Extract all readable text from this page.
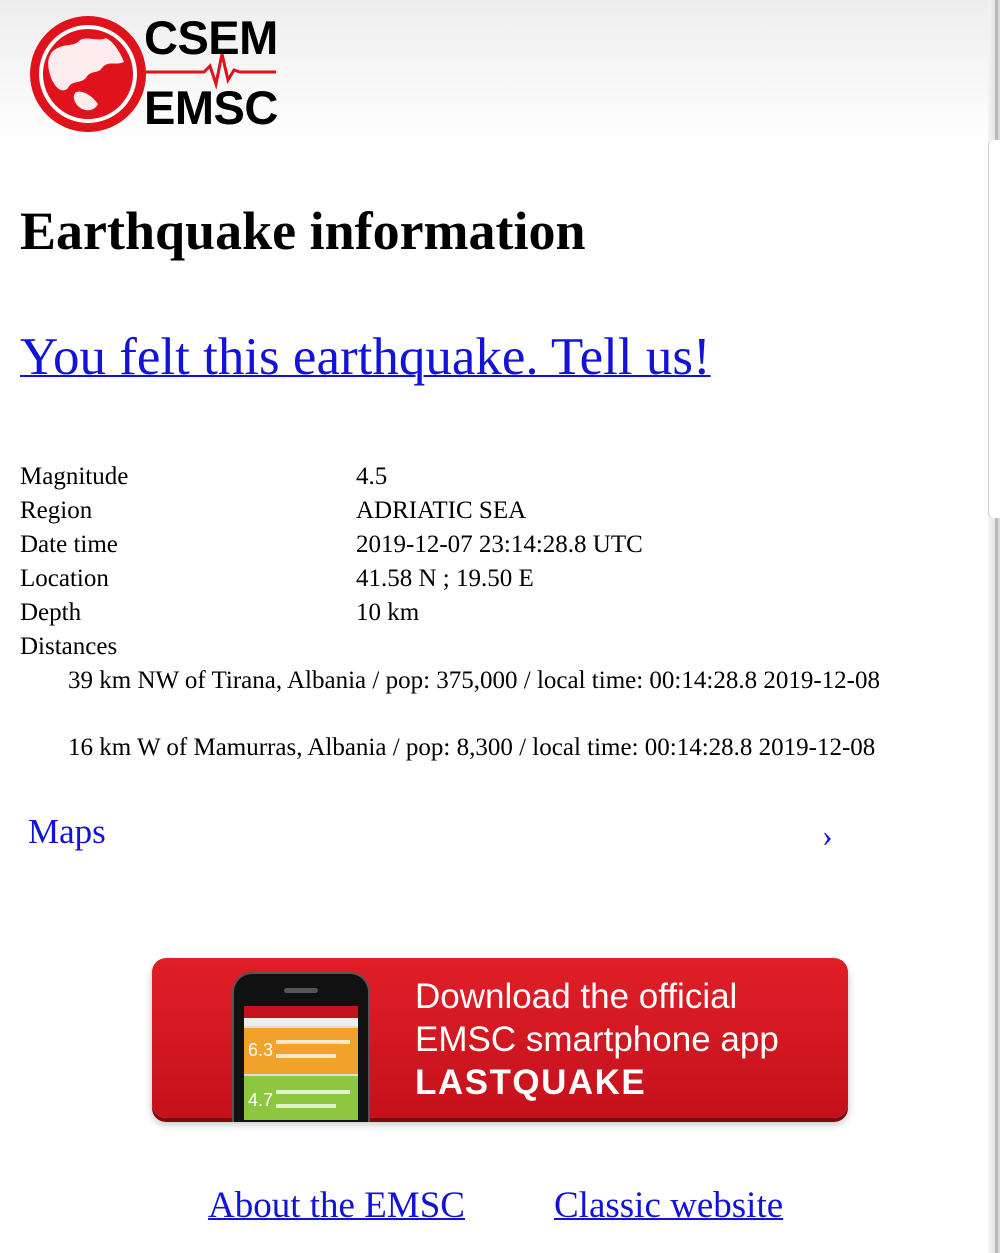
CSEM
EMSC
Earthquake information
You felt this earthquake. Tell us!
Magnitude	4.5
Region	ADRIATIC SEA
Date time	2019-12-07 23:14:28.8 UTC
Location	41.58 N ; 19.50 E
Depth	10 km
Distances
39 km NW of Tirana, Albania / pop: 375,000 / local time: 00:14:28.8 2019-12-08
16 km W of Mamurras, Albania / pop: 8,300 / local time: 00:14:28.8 2019-12-08
Maps	›
6.3
4.7
Download the official
EMSC smartphone app
LASTQUAKE
About the EMSC Classic website
